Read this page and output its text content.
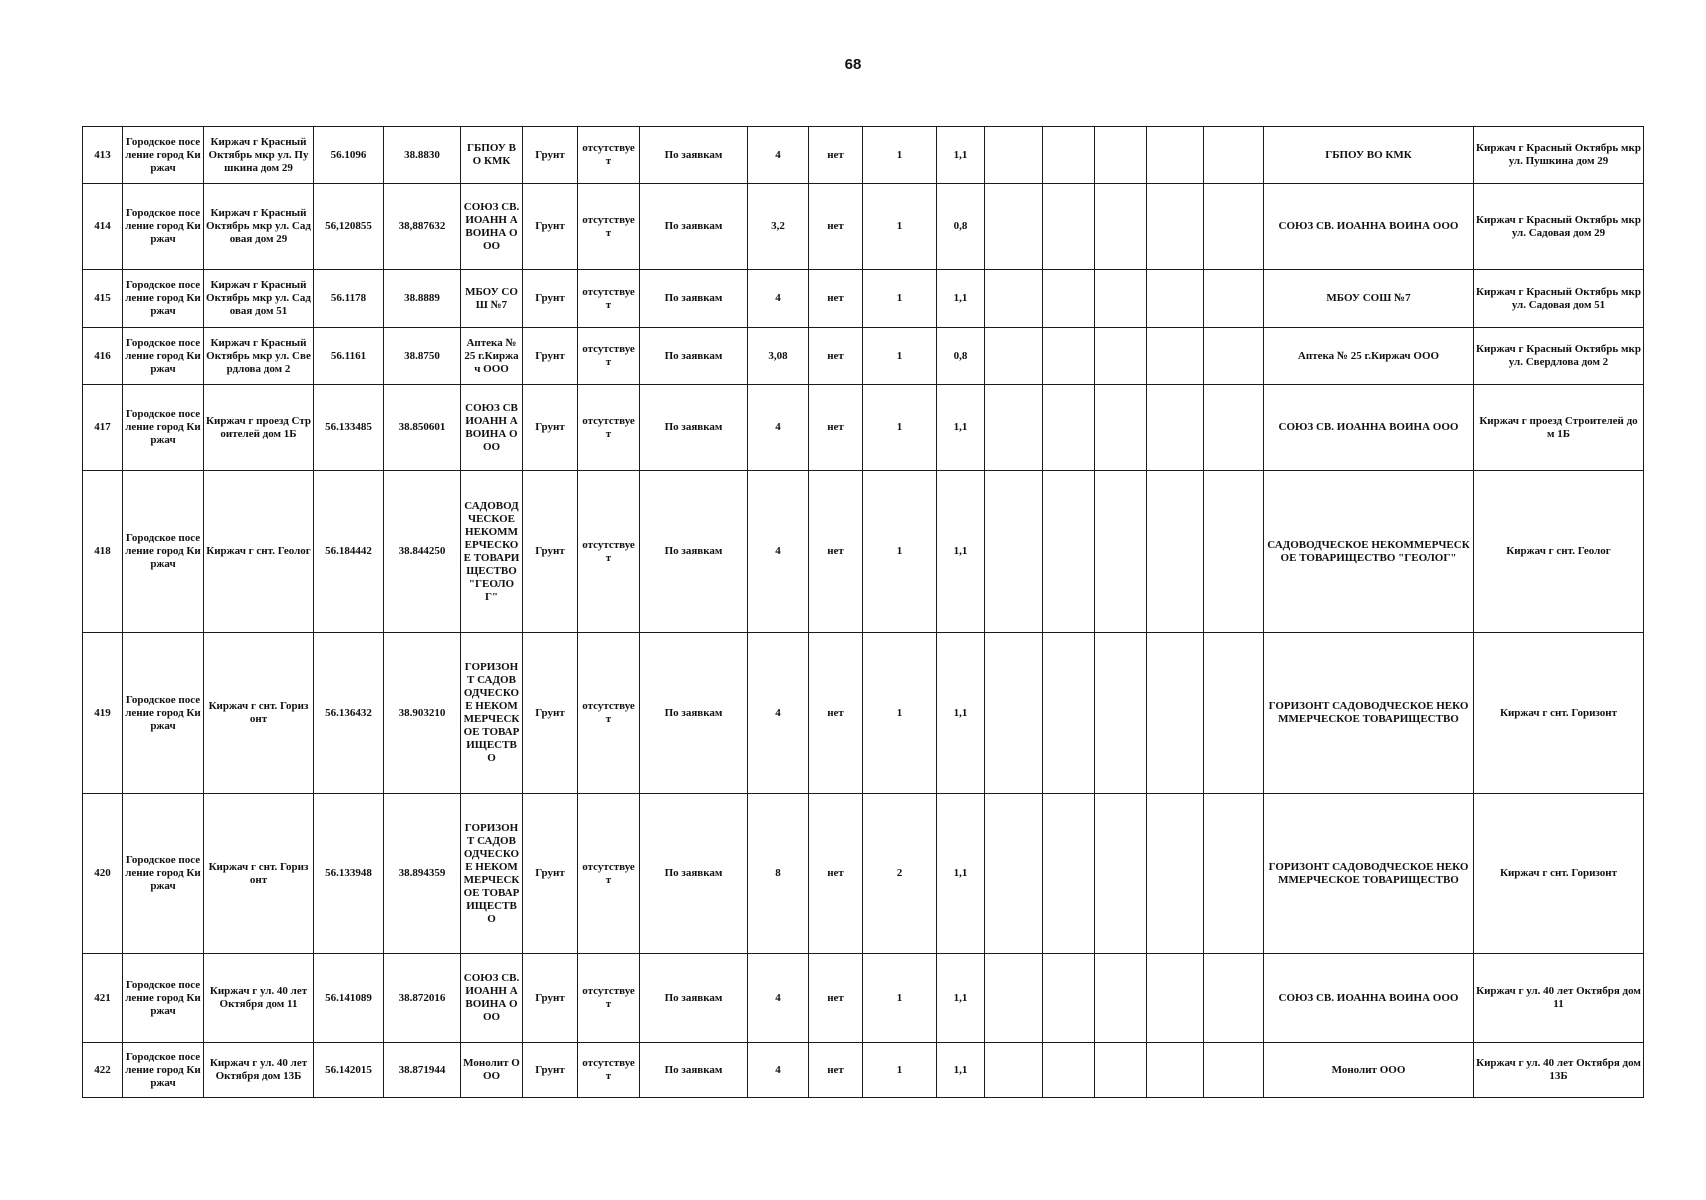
68
413	Городское поселение город Киржач	Киржач г Красный Октябрь мкр ул. Пушкина дом 29	56.1096	38.8830	ГБПОУ ВО КМК	Грунт	отсутствует	По заявкам	4	нет	1	1,1						ГБПОУ ВО КМК	Киржач г Красный Октябрь мкр ул. Пушкина дом 29
414	Городское поселение город Киржач	Киржач г Красный Октябрь мкр ул. Садовая дом 29	56,120855	38,887632	СОЮЗ СВ. ИОАНН А ВОИНА ООО	Грунт	отсутствует	По заявкам	3,2	нет	1	0,8						СОЮЗ СВ. ИОАННА ВОИНА ООО	Киржач г Красный Октябрь мкр ул. Садовая дом 29
415	Городское поселение город Киржач	Киржач г Красный Октябрь мкр ул. Садовая дом 51	56.1178	38.8889	МБОУ СОШ №7	Грунт	отсутствует	По заявкам	4	нет	1	1,1						МБОУ СОШ №7	Киржач г Красный Октябрь мкр ул. Садовая дом 51
416	Городское поселение город Киржач	Киржач г Красный Октябрь мкр ул. Свердлова дом 2	56.1161	38.8750	Аптека № 25 г.Киржач ООО	Грунт	отсутствует	По заявкам	3,08	нет	1	0,8						Аптека № 25 г.Киржач ООО	Киржач г Красный Октябрь мкр ул. Свердлова дом 2
417	Городское поселение город Киржач	Киржач г проезд Строителей дом 1Б	56.133485	38.850601	СОЮЗ СВ ИОАНН А ВОИНА ООО	Грунт	отсутствует	По заявкам	4	нет	1	1,1						СОЮЗ СВ. ИОАННА ВОИНА ООО	Киржач г проезд Строителей дом 1Б
418	Городское поселение город Киржач	Киржач г снт. Геолог	56.184442	38.844250	САДОВОДЧЕСКОЕ НЕКОММЕРЧЕСКОЕ ТОВАРИЩЕСТВО "ГЕОЛОГ"	Грунт	отсутствует	По заявкам	4	нет	1	1,1						САДОВОДЧЕСКОЕ НЕКОММЕРЧЕСКОЕ ТОВАРИЩЕСТВО "ГЕОЛОГ"	Киржач г снт. Геолог
419	Городское поселение город Киржач	Киржач г снт. Горизонт	56.136432	38.903210	ГОРИЗОНТ САДОВОДЧЕСКОЕ НЕКОММЕРЧЕСКОЕ ТОВАРИЩЕСТВО	Грунт	отсутствует	По заявкам	4	нет	1	1,1						ГОРИЗОНТ САДОВОДЧЕСКОЕ НЕКОММЕРЧЕСКОЕ ТОВАРИЩЕСТВО	Киржач г снт. Горизонт
420	Городское поселение город Киржач	Киржач г снт. Горизонт	56.133948	38.894359	ГОРИЗОНТ САДОВОДЧЕСКОЕ НЕКОММЕРЧЕСКОЕ ТОВАРИЩЕСТВО	Грунт	отсутствует	По заявкам	8	нет	2	1,1						ГОРИЗОНТ САДОВОДЧЕСКОЕ НЕКОММЕРЧЕСКОЕ ТОВАРИЩЕСТВО	Киржач г снт. Горизонт
421	Городское поселение город Киржач	Киржач г ул. 40 лет Октября дом 11	56.141089	38.872016	СОЮЗ СВ. ИОАНН А ВОИНА ООО	Грунт	отсутствует	По заявкам	4	нет	1	1,1						СОЮЗ СВ. ИОАННА ВОИНА ООО	Киржач г ул. 40 лет Октября дом 11
422	Городское поселение город Киржач	Киржач г ул. 40 лет Октября дом 13Б	56.142015	38.871944	Монолит ООО	Грунт	отсутствует	По заявкам	4	нет	1	1,1						Монолит ООО	Киржач г ул. 40 лет Октября дом 13Б
